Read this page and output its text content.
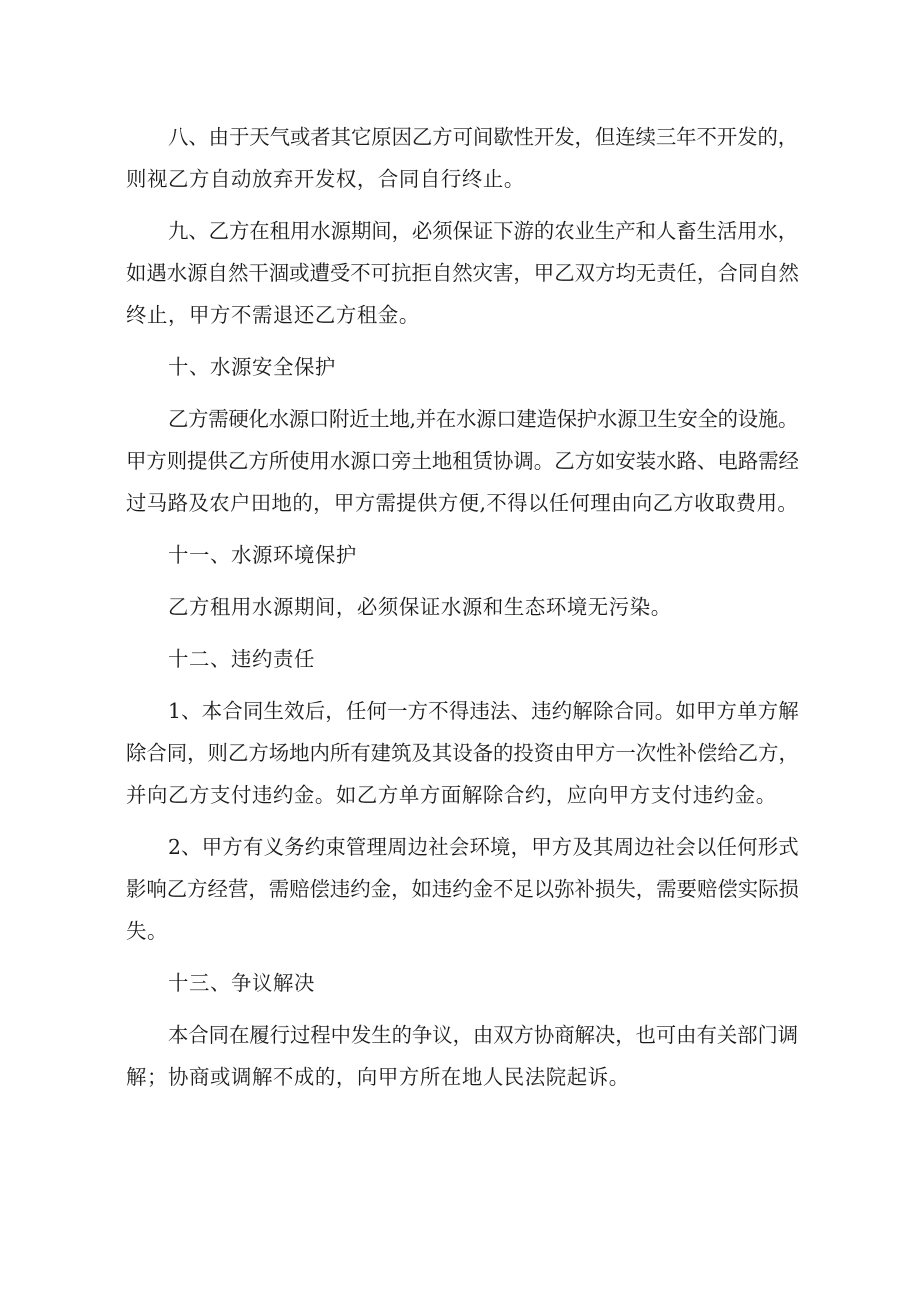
八、由于天气或者其它原因乙方可间歇性开发，但连续三年不开发的，
则视乙方自动放弃开发权，合同自行终止。
九、乙方在租用水源期间，必须保证下游的农业生产和人畜生活用水，
如遇水源自然干涸或遭受不可抗拒自然灾害，甲乙双方均无责任，合同自然
终止，甲方不需退还乙方租金。
十、水源安全保护
乙方需硬化水源口附近土地,并在水源口建造保护水源卫生安全的设施。
甲方则提供乙方所使用水源口旁土地租赁协调。乙方如安装水路、电路需经
过马路及农户田地的，甲方需提供方便,不得以任何理由向乙方收取费用。
十一、水源环境保护
乙方租用水源期间，必须保证水源和生态环境无污染。
十二、违约责任
1、本合同生效后，任何一方不得违法、违约解除合同。如甲方单方解
除合同，则乙方场地内所有建筑及其设备的投资由甲方一次性补偿给乙方，
并向乙方支付违约金。如乙方单方面解除合约，应向甲方支付违约金。
2、甲方有义务约束管理周边社会环境，甲方及其周边社会以任何形式
影响乙方经营，需赔偿违约金，如违约金不足以弥补损失，需要赔偿实际损
失。
十三、争议解决
本合同在履行过程中发生的争议，由双方协商解决，也可由有关部门调
解；协商或调解不成的，向甲方所在地人民法院起诉。
